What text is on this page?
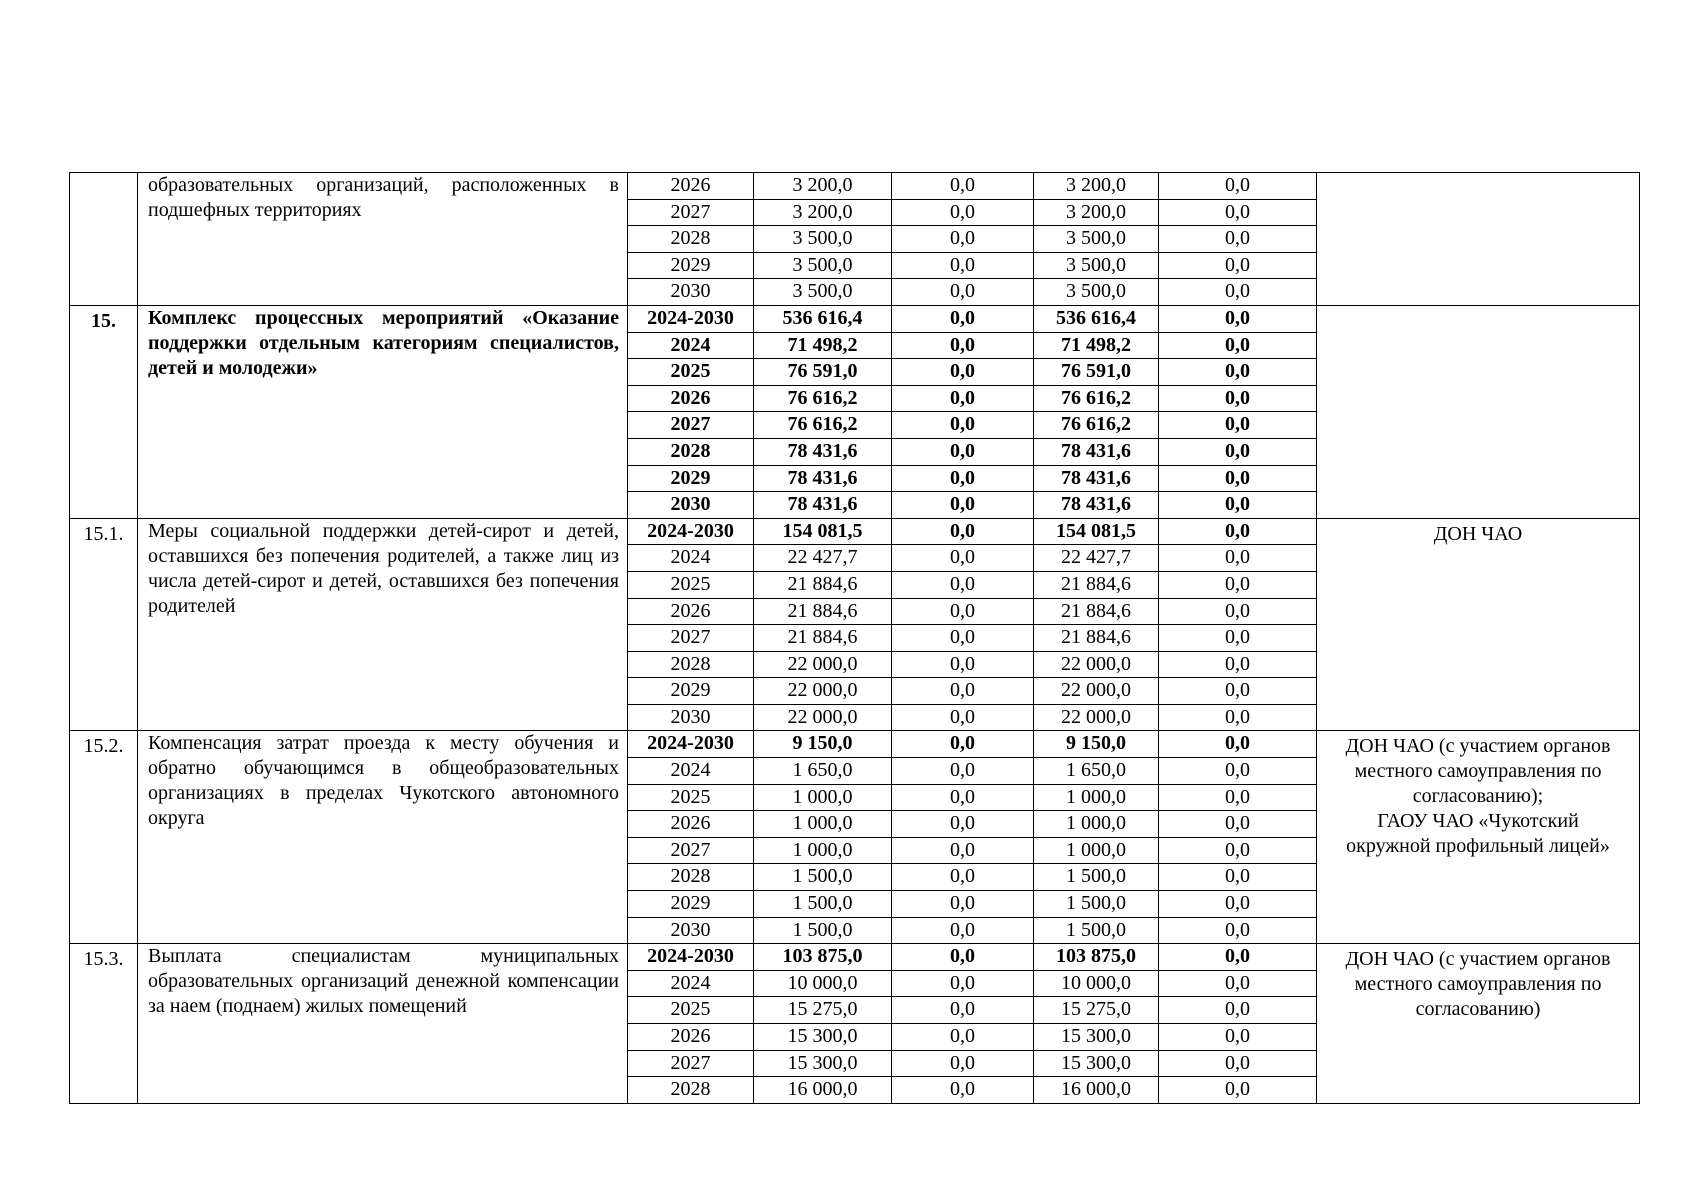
	образовательных организаций, расположенных в подшефных территориях	2026	3 200,0	0,0	3 200,0	0,0	
		2027	3 200,0	0,0	3 200,0	0,0	
		2028	3 500,0	0,0	3 500,0	0,0	
		2029	3 500,0	0,0	3 500,0	0,0	
		2030	3 500,0	0,0	3 500,0	0,0	
15.	Комплекс процессных мероприятий «Оказание поддержки отдельным категориям специалистов, детей и молодежи»	2024-2030	536 616,4	0,0	536 616,4	0,0	
		2024	71 498,2	0,0	71 498,2	0,0	
		2025	76 591,0	0,0	76 591,0	0,0	
		2026	76 616,2	0,0	76 616,2	0,0	
		2027	76 616,2	0,0	76 616,2	0,0	
		2028	78 431,6	0,0	78 431,6	0,0	
		2029	78 431,6	0,0	78 431,6	0,0	
		2030	78 431,6	0,0	78 431,6	0,0	
15.1.	Меры социальной поддержки детей-сирот и детей, оставшихся без попечения родителей, а также лиц из числа детей-сирот и детей, оставшихся без попечения родителей	2024-2030	154 081,5	0,0	154 081,5	0,0	ДОН ЧАО

		2024	22 427,7	0,0	22 427,7	0,0	
		2025	21 884,6	0,0	21 884,6	0,0	
		2026	21 884,6	0,0	21 884,6	0,0	
		2027	21 884,6	0,0	21 884,6	0,0	
		2028	22 000,0	0,0	22 000,0	0,0	
		2029	22 000,0	0,0	22 000,0	0,0	
		2030	22 000,0	0,0	22 000,0	0,0	
15.2.	Компенсация затрат проезда к месту обучения и обратно обучающимся в общеобразовательных организациях в пределах Чукотского автономного округа	2024-2030	9 150,0	0,0	9 150,0	0,0	ДОН ЧАО (с участием органов
местного самоуправления по
согласованию);
ГАОУ ЧАО «Чукотский
окружной профильный лицей»

		2024	1 650,0	0,0	1 650,0	0,0	
		2025	1 000,0	0,0	1 000,0	0,0	
		2026	1 000,0	0,0	1 000,0	0,0	
		2027	1 000,0	0,0	1 000,0	0,0	
		2028	1 500,0	0,0	1 500,0	0,0	
		2029	1 500,0	0,0	1 500,0	0,0	
		2030	1 500,0	0,0	1 500,0	0,0	
15.3.	Выплата специалистам муниципальных образовательных организаций денежной компенсации за наем (поднаем) жилых помещений	2024-2030	103 875,0	0,0	103 875,0	0,0	ДОН ЧАО (с участием органов
местного самоуправления по
согласованию)

		2024	10 000,0	0,0	10 000,0	0,0	
		2025	15 275,0	0,0	15 275,0	0,0	
		2026	15 300,0	0,0	15 300,0	0,0	
		2027	15 300,0	0,0	15 300,0	0,0	
		2028	16 000,0	0,0	16 000,0	0,0	
